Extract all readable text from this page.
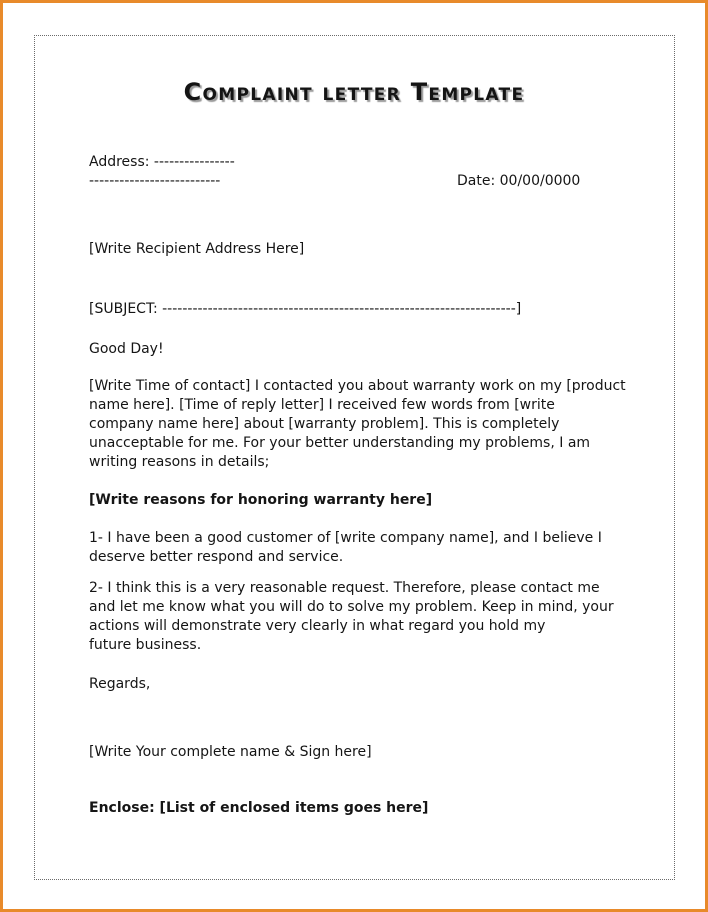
Complaint letter Template
Address: ----------------
--------------------------	Date: 00/00/0000
[Write Recipient Address Here]
[SUBJECT: ----------------------------------------------------------------------]
Good Day!
[Write Time of contact] I contacted you about warranty work on my [product
name here]. [Time of reply letter] I received few words from [write
company name here] about [warranty problem]. This is completely
unacceptable for me. For your better understanding my problems, I am
writing reasons in details;
[Write reasons for honoring warranty here]
1- I have been a good customer of [write company name], and I believe I
deserve better respond and service.
2- I think this is a very reasonable request. Therefore, please contact me
and let me know what you will do to solve my problem. Keep in mind, your
actions will demonstrate very clearly in what regard you hold my
future business.
Regards,
[Write Your complete name & Sign here]
Enclose: [List of enclosed items goes here]
